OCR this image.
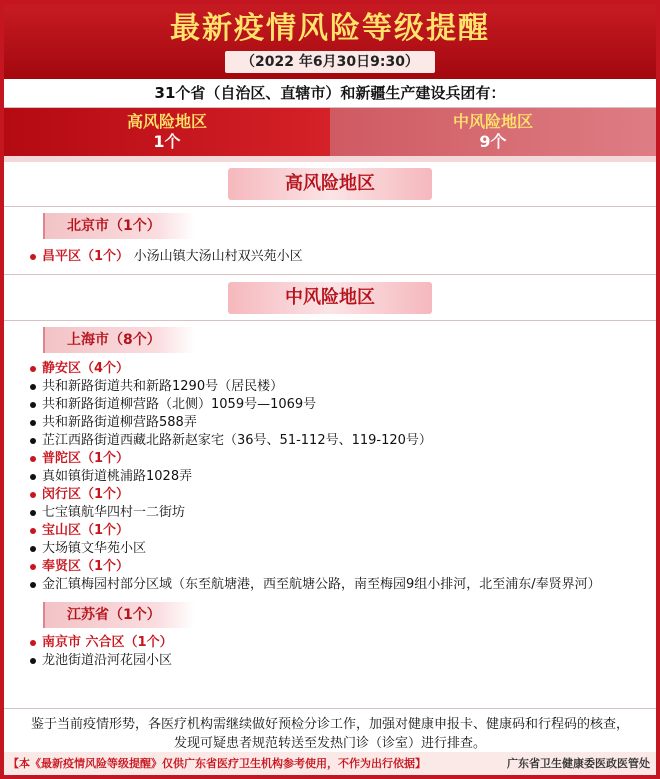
最新疫情风险等级提醒
（2022 年6月30日9:30）
31个省（自治区、直辖市）和新疆生产建设兵团有：
高风险地区
1个
中风险地区
9个
高风险地区
北京市（1个）
昌平区（1个） 小汤山镇大汤山村双兴苑小区
中风险地区
上海市（8个）
静安区（4个）
共和新路街道共和新路1290号（居民楼）
共和新路街道柳营路（北侧）1059号—1069号
共和新路街道柳营路588弄
芷江西路街道西藏北路新赵家宅（36号、51-112号、119-120号）
普陀区（1个）
真如镇街道桃浦路1028弄
闵行区（1个）
七宝镇航华四村一二街坊
宝山区（1个）
大场镇文华苑小区
奉贤区（1个）
金汇镇梅园村部分区域（东至航塘港，西至航塘公路，南至梅园9组小排河，北至浦东/奉贤界河）
江苏省（1个）
南京市 六合区（1个）
龙池街道沿河花园小区
鉴于当前疫情形势，各医疗机构需继续做好预检分诊工作，加强对健康申报卡、健康码和行程码的核查，
发现可疑患者规范转送至发热门诊（诊室）进行排查。
【本《最新疫情风险等级提醒》仅供广东省医疗卫生机构参考使用，不作为出行依据】	广东省卫生健康委医政医管处
